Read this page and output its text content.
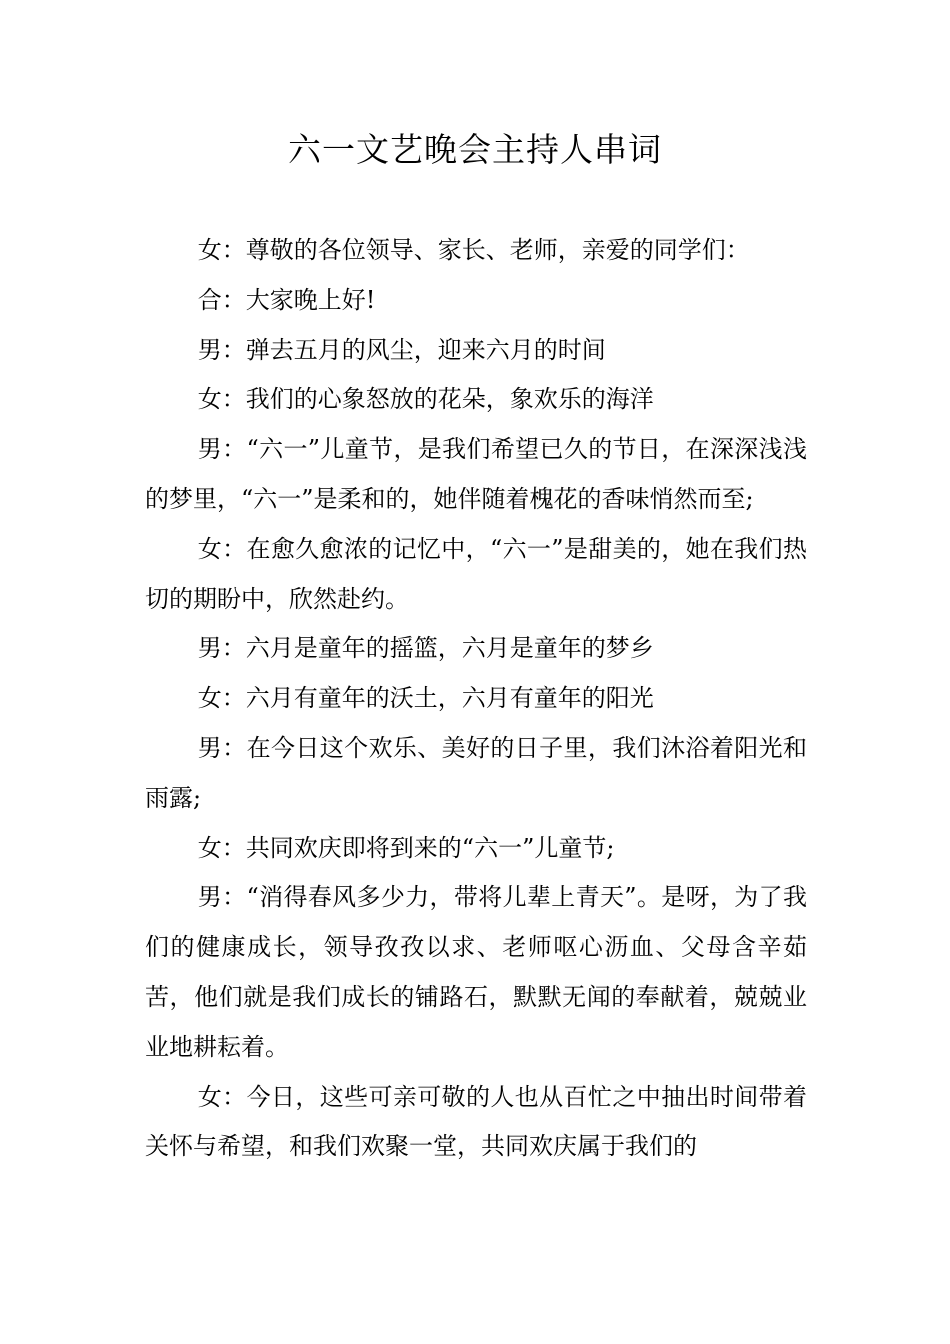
六一文艺晚会主持人串词

女：尊敬的各位领导、家长、老师，亲爱的同学们：

合：大家晚上好!

男：弹去五月的风尘，迎来六月的时间

女：我们的心象怒放的花朵，象欢乐的海洋

男：“六一”儿童节，是我们希望已久的节日，在深深浅浅的梦里，“六一”是柔和的，她伴随着槐花的香味悄然而至;

女：在愈久愈浓的记忆中，“六一”是甜美的，她在我们热切的期盼中，欣然赴约。

男：六月是童年的摇篮，六月是童年的梦乡

女：六月有童年的沃土，六月有童年的阳光

男：在今日这个欢乐、美好的日子里，我们沐浴着阳光和雨露;

女：共同欢庆即将到来的“六一”儿童节;

男：“消得春风多少力，带将儿辈上青天”。是呀，为了我们的健康成长，领导孜孜以求、老师呕心沥血、父母含辛茹苦，他们就是我们成长的铺路石，默默无闻的奉献着，兢兢业业地耕耘着。

女：今日，这些可亲可敬的人也从百忙之中抽出时间带着关怀与希望，和我们欢聚一堂，共同欢庆属于我们的
